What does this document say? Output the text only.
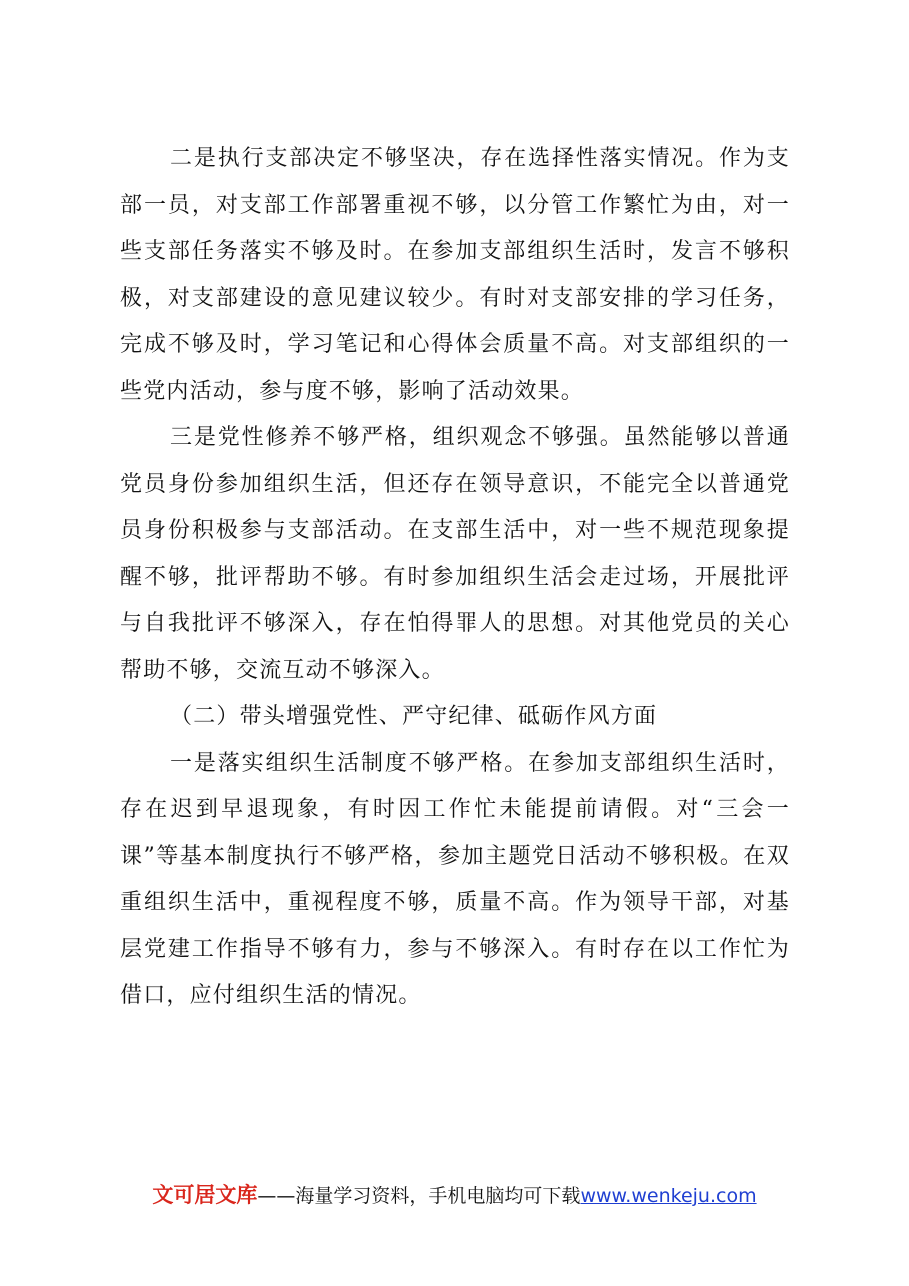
二是执行支部决定不够坚决，存在选择性落实情况。作为支部一员，对支部工作部署重视不够，以分管工作繁忙为由，对一些支部任务落实不够及时。在参加支部组织生活时，发言不够积极，对支部建设的意见建议较少。有时对支部安排的学习任务，完成不够及时，学习笔记和心得体会质量不高。对支部组织的一些党内活动，参与度不够，影响了活动效果。

三是党性修养不够严格，组织观念不够强。虽然能够以普通党员身份参加组织生活，但还存在领导意识，不能完全以普通党员身份积极参与支部活动。在支部生活中，对一些不规范现象提醒不够，批评帮助不够。有时参加组织生活会走过场，开展批评与自我批评不够深入，存在怕得罪人的思想。对其他党员的关心帮助不够，交流互动不够深入。

（二）带头增强党性、严守纪律、砥砺作风方面

一是落实组织生活制度不够严格。在参加支部组织生活时，存在迟到早退现象，有时因工作忙未能提前请假。对“三会一课”等基本制度执行不够严格，参加主题党日活动不够积极。在双重组织生活中，重视程度不够，质量不高。作为领导干部，对基层党建工作指导不够有力，参与不够深入。有时存在以工作忙为借口，应付组织生活的情况。

文可居文库——海量学习资料，手机电脑均可下载www.wenkeju.com
